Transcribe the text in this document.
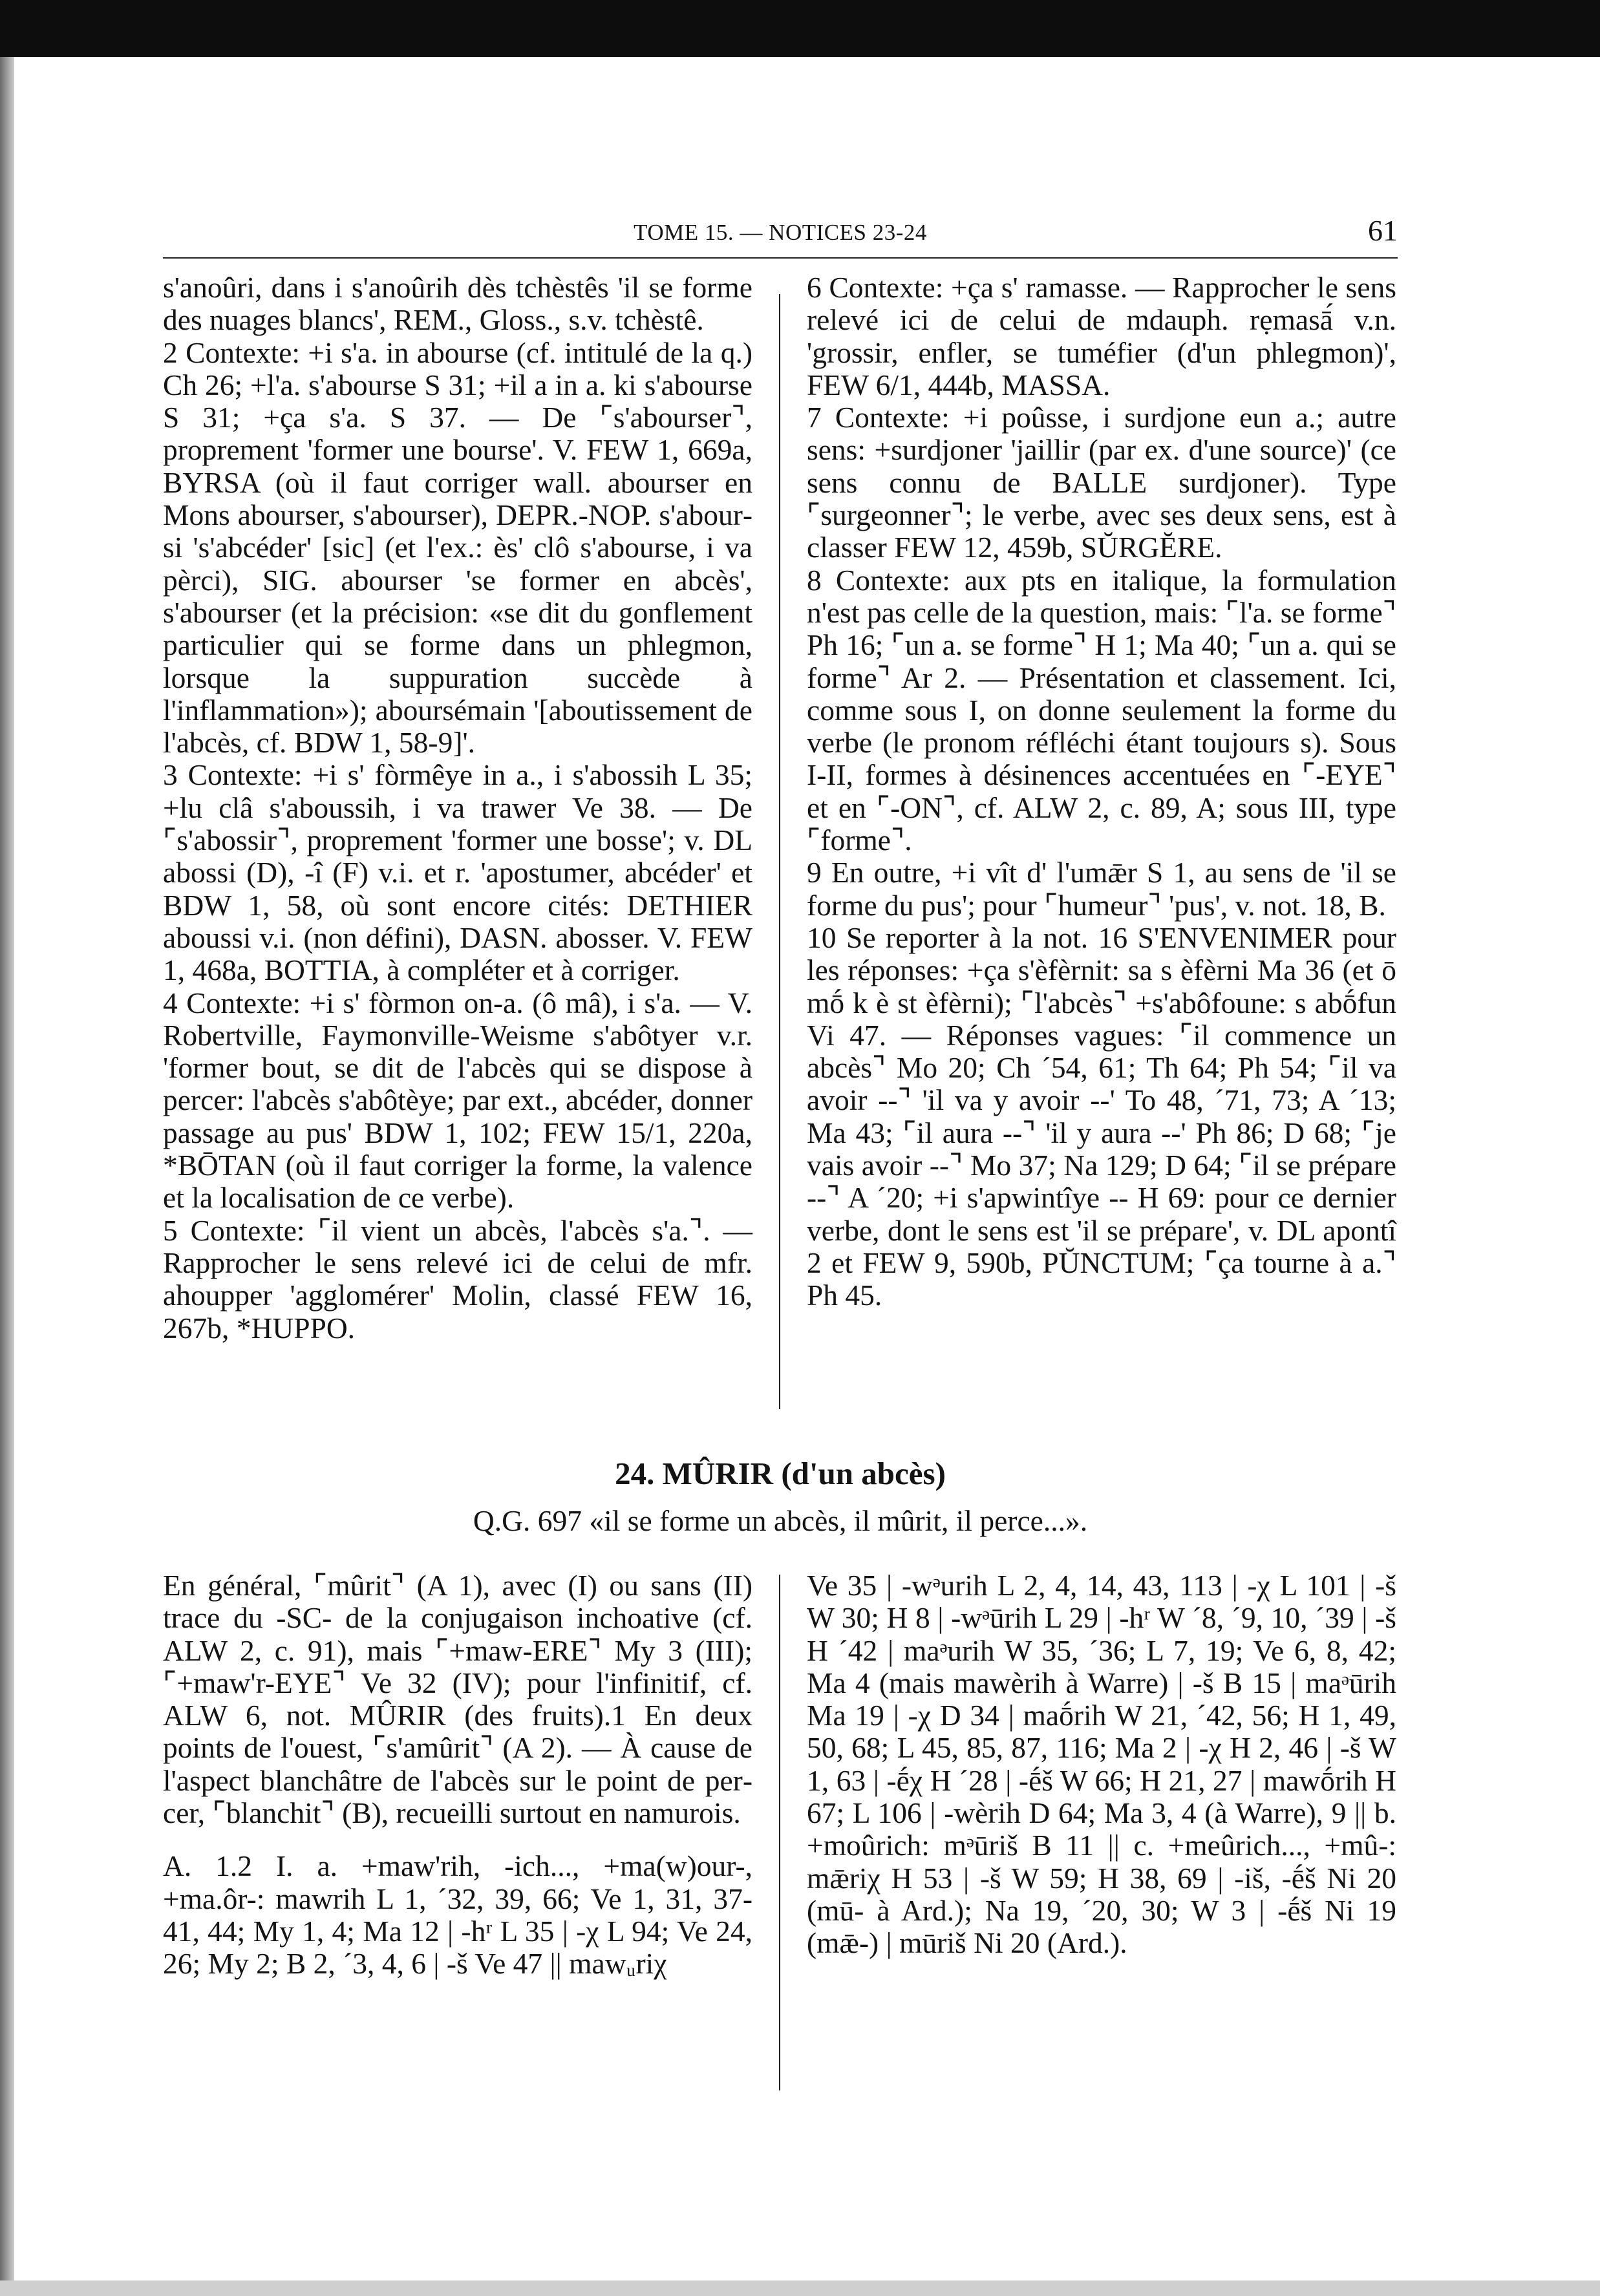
TOME 15. — NOTICES 23-24	61

s'anoûri, dans i s'anoûrih dès tchèstês 'il se forme des nuages blancs', REM., Gloss., s.v. tchèstê.

2 Contexte: +i s'a. in abourse (cf. intitulé de la q.) Ch 26; +l'a. s'abourse S 31; +il a in a. ki s'abourse S 31; +ça s'a. S 37. — De ⌜s'abourser⌝, proprement 'former une bourse'. V. FEW 1, 669a, BYRSA (où il faut corriger wall. abourser en Mons abourser, s'abourser), DEPR.-NOP. s'aboursi 's'abcéder' [sic] (et l'ex.: ès' clô s'abourse, i va pèrci), SIG. abourser 'se former en abcès', s'abourser (et la précision: «se dit du gonflement particulier qui se forme dans un phlegmon, lorsque la suppuration succède à l'inflammation»); aboursémain '[aboutissement de l'abcès, cf. BDW 1, 58-9]'.

3 Contexte: +i s' fòrmêye in a., i s'abossih L 35; +lu clâ s'aboussih, i va trawer Ve 38. — De ⌜s'abossir⌝, proprement 'former une bosse'; v. DL abossi (D), -î (F) v.i. et r. 'apostumer, abcéder' et BDW 1, 58, où sont encore cités: DETHIER aboussi v.i. (non défini), DASN. abosser. V. FEW 1, 468a, BOTTIA, à compléter et à corriger.

4 Contexte: +i s' fòrmon on-a. (ô mâ), i s'a. — V. Robertville, Faymonville-Weisme s'abôtyer v.r. 'former bout, se dit de l'abcès qui se dispose à percer: l'abcès s'abôtèye; par ext., abcéder, donner passage au pus' BDW 1, 102; FEW 15/1, 220a, *BŌTAN (où il faut corriger la forme, la valence et la localisation de ce verbe).

5 Contexte: ⌜il vient un abcès, l'abcès s'a.⌝. — Rapprocher le sens relevé ici de celui de mfr. ahoupper 'agglomérer' Molin, classé FEW 16, 267b, *HUPPO.

6 Contexte: +ça s' ramasse. — Rapprocher le sens relevé ici de celui de mdauph. rẹmasā́ v.n. 'grossir, enfler, se tuméfier (d'un phlegmon)', FEW 6/1, 444b, MASSA.

7 Contexte: +i poûsse, i surdjone eun a.; autre sens: +surdjoner 'jaillir (par ex. d'une source)' (ce sens connu de BALLE surdjoner). Type ⌜surgeonner⌝; le verbe, avec ses deux sens, est à classer FEW 12, 459b, SŬRGĔRE.

8 Contexte: aux pts en italique, la formulation n'est pas celle de la question, mais: ⌜l'a. se forme⌝ Ph 16; ⌜un a. se forme⌝ H 1; Ma 40; ⌜un a. qui se forme⌝ Ar 2. — Présentation et classement. Ici, comme sous I, on donne seulement la forme du verbe (le pronom réfléchi étant toujours s). Sous I-II, formes à désinences accentuées en ⌜-EYE⌝ et en ⌜-ON⌝, cf. ALW 2, c. 89, A; sous III, type ⌜forme⌝.

9 En outre, +i vît d' l'umǣr S 1, au sens de 'il se forme du pus'; pour ⌜humeur⌝ 'pus', v. not. 18, B.

10 Se reporter à la not. 16 S'ENVENIMER pour les réponses: +ça s'èfèrnit: sa s èfèrni Ma 36 (et ō mṓ k è st èfèrni); ⌜l'abcès⌝ +s'abôfoune: s abṓfun Vi 47. — Réponses vagues: ⌜il commence un abcès⌝ Mo 20; Ch ´54, 61; Th 64; Ph 54; ⌜il va avoir --⌝ 'il va y avoir --' To 48, ´71, 73; A ´13; Ma 43; ⌜il aura --⌝ 'il y aura --' Ph 86; D 68; ⌜je vais avoir --⌝ Mo 37; Na 129; D 64; ⌜il se prépare --⌝ A ´20; +i s'apwintîye -- H 69: pour ce dernier verbe, dont le sens est 'il se prépare', v. DL apontî 2 et FEW 9, 590b, PŬNCTUM; ⌜ça tourne à a.⌝ Ph 45.

24. MÛRIR (d'un abcès)
Q.G. 697 «il se forme un abcès, il mûrit, il perce...».

En général, ⌜mûrit⌝ (A 1), avec (I) ou sans (II) trace du -SC- de la conjugaison inchoative (cf. ALW 2, c. 91), mais ⌜+maw-ERE⌝ My 3 (III); ⌜+maw'r-EYE⌝ Ve 32 (IV); pour l'infinitif, cf. ALW 6, not. MÛRIR (des fruits).1 En deux points de l'ouest, ⌜s'amûrit⌝ (A 2). — À cause de l'aspect blanchâtre de l'abcès sur le point de percer, ⌜blanchit⌝ (B), recueilli surtout en namurois.

A. 1.2 I. a. +maw'rih, -ich..., +ma(w)our-, +ma.ôr-: mawrih L 1, ´32, 39, 66; Ve 1, 31, 37-41, 44; My 1, 4; Ma 12 | -hʳ L 35 | -χ L 94; Ve 24, 26; My 2; B 2, ´3, 4, 6 | -š Ve 47 || mawᵤriχ

Ve 35 | -wᵊurih L 2, 4, 14, 43, 113 | -χ L 101 | -š W 30; H 8 | -wᵊūrih L 29 | -hʳ W ´8, ´9, 10, ´39 | -š H ´42 | maᵊurih W 35, ´36; L 7, 19; Ve 6, 8, 42; Ma 4 (mais mawèrih à Warre) | -š B 15 | maᵊūrih Ma 19 | -χ D 34 | maṓrih W 21, ´42, 56; H 1, 49, 50, 68; L 45, 85, 87, 116; Ma 2 | -χ H 2, 46 | -š W 1, 63 | -ḗχ H ´28 | -ḗš W 66; H 21, 27 | mawṓrih H 67; L 106 | -wèrih D 64; Ma 3, 4 (à Warre), 9 || b. +moûrich: mᵊūriš B 11 || c. +meûrich..., +mû-: mǣriχ H 53 | -š W 59; H 38, 69 | -iš, -ḗš Ni 20 (mū- à Ard.); Na 19, ´20, 30; W 3 | -ḗš Ni 19 (mǣ-) | mūriš Ni 20 (Ard.).
